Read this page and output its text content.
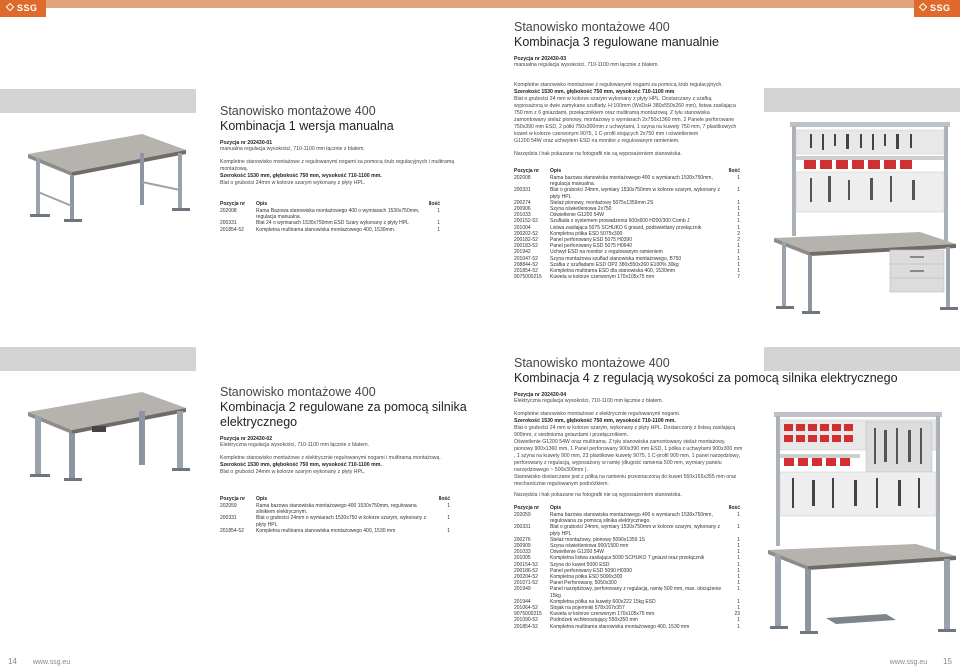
SSG
Stanowisko montażowe 400
Kombinacja 1 wersja manualna
Pozycja nr 202430-01
manualna regulacja wysokości, 710-1100 mm łącznie z blatem.
Kompletne stanowisko montażowe z regulowanymi nogami za pomocą śrub regulacyjnych i multiramą montażową.
Szerokość 1530 mm, głębokość 750 mm, wysokość 710-1100 mm.
Blat o grubości 24mm w kolorze szarym wykonany z płyty HPL.
Pozycja nr	Opis	Ilość
202008	Rama Bazowa stanowiska montażowego 400 o wymiarach 1530x750mm, regulacja manualna.	1
200331	Blat 24 o wymiarach 1530x750mm ESD Szary wykonany z płyty HPL	1
201854-52	Kompletna multirama stanowiska montażowego 400, 1530mm.	1
Stanowisko montażowe 400
Kombinacja 2 regulowane za pomocą silnika elektrycznego
Pozycja nr 202430-02
Elektryczna regulacja wysokości, 710-1100 mm łącznie z blatem.
Kompletne stanowisko montażowe z elektrycznie regulowanymi nogami i multiramą montażową.
Szerokość 1530 mm, głębokość 750 mm, wysokość 710-1100 mm.
Blat o grubości 24mm w kolorze szarym wykonany z płyty HPL.
Pozycja nr	Opis	Ilość
202059	Rama bazowa stanowiska montażowego 400 1530x750mm, regulowana silnikiem elektrycznym.	1
200331	Blat o grubości 24mm o wymiarach 1530x750 w kolorze szarym, wykonany z płyty HPL	1
201854-52	Kompletna multirama stanowiska montażowego 400, 1530 mm	1
14 www.ssg.eu
SSG
Stanowisko montażowe 400
Kombinacja 3 regulowane manualnie
Pozycja nr 202430-03
manualna regulacja wysokości, 710-1100 mm łącznie z blatem.
Kompletne stanowisko montażowe z regulowanymi nogami za pomocą śrub regulacyjnych.
Szerokość 1530 mm, głębokość 750 mm, wysokość 710-1100 mm
Blat o grubości 24 mm w kolorze szarym wykonany z płyty HPL. Dostarczany z szafką wyposażoną w dwie zamykane szuflady. H:100mm (WxDxH 380x550x260 mm), listwa zasilająca 750 mm z 6 gniazdami, przełącznikiem oraz multiramą montażową. Z tyłu stanowiska zamontowany stelaż pionowy, montażowy o wymiarach 2x750x1360 mm, 2 Panele perforowane 750x390 mm ESD, 2 półki 750x300mm z uchwytami, 1 szyna na kuwety 750 mm, 7 plastikowych kuwet w kolorze czerwonym 9075, 1 C-profil stojących 2x750 mm i oświetleniem
G1200 54W oraz uchwytem ESD na monitor z regulowanym ramieniem.
Narzędzia i hak pokazane na fotografii nie są wyposażeniem stanowiska.
Pozycja nr	Opis	Ilość
202008	Rama bazowa stanowiska montażowego 400 o wymiarach 1530x750mm, regulacja manualna.	1
200331	Blat o grubości 24mm, wymiary 1530x750mm w kolorze szarym, wykonany z płyty HPL	1
200274	Stelaż pionowy, montażowy 5075x1359mm 2S	1
200906	Szyna oświetleniowa 2x750	1
201033	Oświetlenie G1200 54W	1
200152-52	Szuflada z systemem prowadzenia 600x600 H200/300 Comb J	1
201004	Listwa zasilająca 5075 SCHUKO 6 gniazd, podświetlany przełącznik	1
200202-52	Kompletna półka ESD 5075x300	2
200182-52	Panel perforowany ESD 5075 H0390	2
200183-52	Panel perforowany ESD 5075 H0640	1
201942	Uchwyt ESD na monitor z regulowanym ramieniem	1
201047-52	Szyna montażowa szuflad stanowiska montażowego, B750	1
208844-52	Szafka z szufladami ESD OP2 380x550x260 E100% 30kg	1
201854-52	Kompletna multirama ESD dla stanowiska 400, 1530mm	1
9075000215	Kuweta w kolorze czerwonym 170x105x75 mm	7
Stanowisko montażowe 400
Kombinacja 4 z regulacją wysokości za pomocą silnika elektrycznego
Pozycja nr 202430-04
Elektryczna regulacja wysokości, 710-1100 mm łącznie z blatem.
Kompletne stanowisko montażowe z elektrycznie regulowanymi nogami.
Szerokość 1530 mm, głębokość 750 mm, wysokość 710-1100 mm.
Blat o grubości 24 mm w kolorze szarym, wykonany z płyty HPL. Dostarczany z listwą zasilającą 900mm, z siedmioma gniazdami i przełącznikiem.
Oświetlenie G1200 54W oraz multirama. Z tyłu stanowiska zamontowany stelaż montażowy, pionowy 900x1360 mm, 1 Panel perforowany 900x390 mm ESD, 1 półka z uchwytami 900x300 mm , 1 szyna na kuwety 900 mm, 23 plastikowe kuwety 9075, 1 C-profil 900 mm, 1 panel narzędziowy, perforowany z regulacją, wyposażony w ramię (długość ramienia 500 mm, wymiary panelu narzędziowego ~ 500x300mm ).
Stanowisko dostarczane jest z półką na ramieniu przeznaczoną do kuwet 560x165x355 mm oraz mechanicznie regulowanym podnóżkiem.
Narzędzia i hak pokazane na fotografii nie są wyposażeniem stanowiska.
Pozycja nr	Opis	Ilość
202059	Rama bazowa stanowiska montażowego 400 o wymiarach 1530x750mm, regulowana za pomocą silnika elektrycznego.	1
200331	Blat o grubości 24mm, wymiary 1530x750mm w kolorze szarym, wykonany z płyty HPL	1
200276	Stelaż montażowy, pionowy 5090x1359 1S	1
200909	Szyna oświetleniowa 900/1500 mm	1
201033	Oświetlenie G1200 54W	1
201005	Kompletna listwa zasilająca 5090 SCHUKO 7 gniazd oraz przełącznik	1
200154-52	Szyna do kuwet 5090 ESD	1
200186-52	Panel perforowany ESD 5090 H0390	1
200204-52	Kompletna półka ESD 5090x300	1
201071-52	Panel Perforowany, 5050x300	1
201949	Panel narzędziowy, perforowany z regulacją, ramię 500 mm, max. obciążenie 15kg	1
201944	Kompletna półka na kuwety 600x222 15kg ESD	1
201064-52	Stojak na pojemniki 578x167x357	1
9075000215	Kuweta w kolorze czerwonym 170x105x75 mm	23
201090-52	Podnóżek wchłonostujący 550x350 mm	1
201854-52	Kompletna multirama stanowiska montażowego 400, 1530 mm	1
www.ssg.eu 15
